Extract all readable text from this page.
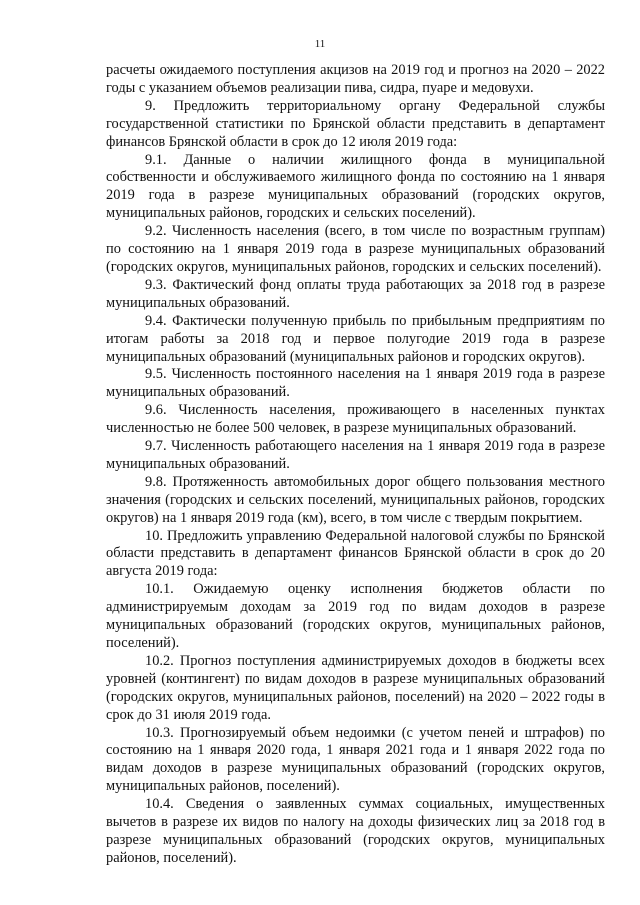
11

расчеты ожидаемого поступления акцизов на 2019 год и прогноз на 2020 – 2022 годы с указанием объемов реализации пива, сидра, пуаре и медовухи.

9. Предложить территориальному органу Федеральной службы государственной статистики по Брянской области представить в департамент финансов Брянской области в срок до 12 июля 2019 года:

9.1. Данные о наличии жилищного фонда в муниципальной собственности и обслуживаемого жилищного фонда по состоянию на 1 января 2019 года в разрезе муниципальных образований (городских округов, муниципальных районов, городских и сельских поселений).

9.2. Численность населения (всего, в том числе по возрастным группам) по состоянию на 1 января 2019 года в разрезе муниципальных образований (городских округов, муниципальных районов, городских и сельских поселений).

9.3. Фактический фонд оплаты труда работающих за 2018 год в разрезе муниципальных образований.

9.4. Фактически полученную прибыль по прибыльным предприятиям по итогам работы за 2018 год и первое полугодие 2019 года в разрезе муниципальных образований (муниципальных районов и городских округов).

9.5. Численность постоянного населения на 1 января 2019 года в разрезе муниципальных образований.

9.6. Численность населения, проживающего в населенных пунктах численностью не более 500 человек, в разрезе муниципальных образований.

9.7. Численность работающего населения на 1 января 2019 года в разрезе муниципальных образований.

9.8. Протяженность автомобильных дорог общего пользования местного значения (городских и сельских поселений, муниципальных районов, городских округов) на 1 января 2019 года (км), всего, в том числе с твердым покрытием.

10. Предложить управлению Федеральной налоговой службы по Брянской области представить в департамент финансов Брянской области в срок до 20 августа 2019 года:

10.1. Ожидаемую оценку исполнения бюджетов области по администрируемым доходам за 2019 год по видам доходов в разрезе муниципальных образований (городских округов, муниципальных районов, поселений).

10.2. Прогноз поступления администрируемых доходов в бюджеты всех уровней (контингент) по видам доходов в разрезе муниципальных образований (городских округов, муниципальных районов, поселений) на 2020 – 2022 годы в срок до 31 июля 2019 года.

10.3. Прогнозируемый объем недоимки (с учетом пеней и штрафов) по состоянию на 1 января 2020 года, 1 января 2021 года и 1 января 2022 года по видам доходов в разрезе муниципальных образований (городских округов, муниципальных районов, поселений).

10.4. Сведения о заявленных суммах социальных, имущественных вычетов в разрезе их видов по налогу на доходы физических лиц за 2018 год в разрезе муниципальных образований (городских округов, муниципальных районов, поселений).
